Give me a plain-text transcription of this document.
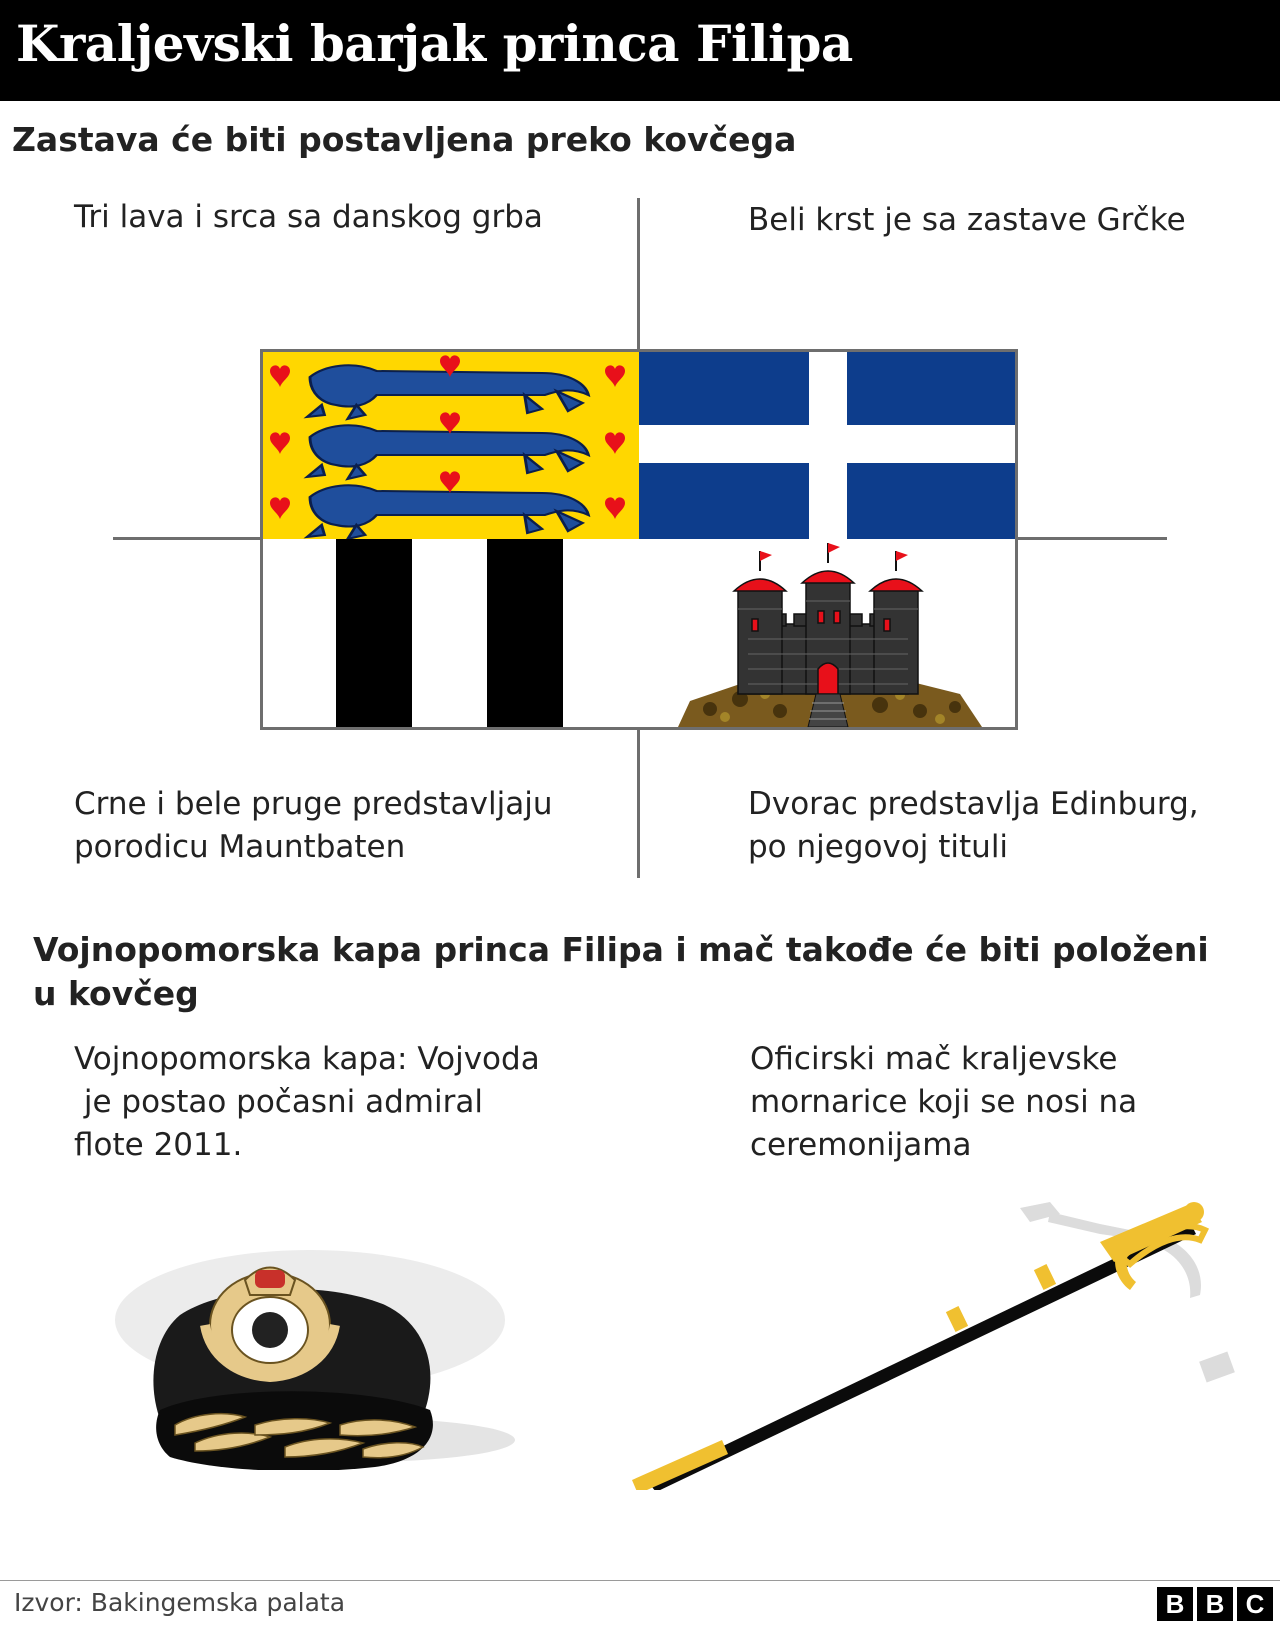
Kraljevski barjak princa Filipa
Zastava će biti postavljena preko kovčega
Tri lava i srca sa danskog grba	Beli krst je sa zastave Grčke
Crne i bele pruge predstavljaju
porodicu Mauntbaten
Dvorac predstavlja Edinburg,
po njegovoj tituli
Vojnopomorska kapa princa Filipa i mač takođe će biti položeni u kovčeg
Vojnopomorska kapa: Vojvoda
je postao počasni admiral
flote 2011.
Oficirski mač kraljevske
mornarice koji se nosi na
ceremonijama
Izvor: Bakingemska palata	B B C
